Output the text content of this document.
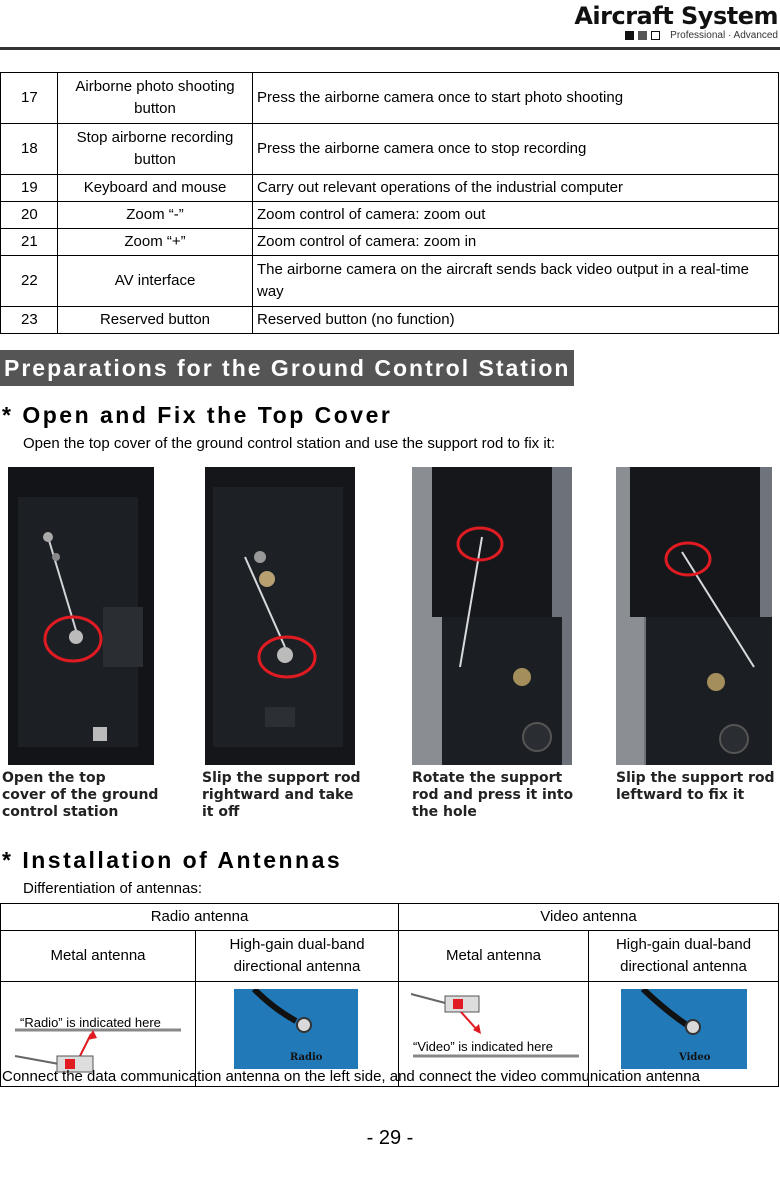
Aircraft System
Professional · Advanced
17	Airborne photo shooting button	Press the airborne camera once to start photo shooting
18	Stop airborne recording button	Press the airborne camera once to stop recording
19	Keyboard and mouse	Carry out relevant operations of the industrial computer
20	Zoom “-”	Zoom control of camera: zoom out
21	Zoom “+”	Zoom control of camera: zoom in
22	AV interface	The airborne camera on the aircraft sends back video output in a real-time way
23	Reserved button	Reserved button (no function)
Preparations for the Ground Control Station
* Open and Fix the Top Cover
Open the top cover of the ground control station and use the support rod to fix it:
Open the top
cover of the ground
control station
Slip the support rod
rightward and take
it off
Rotate the support
rod and press it into
the hole
Slip the support rod
leftward to fix it
* Installation of Antennas
Differentiation of antennas:
Radio antenna		Video antenna	
Metal antenna	High-gain dual-band directional antenna	Metal antenna	High-gain dual-band directional antenna

“Radio” is indicated here	Radio	“Video” is indicated here	Video
Connect the data communication antenna on the left side, and connect the video communication antenna
- 29 -
